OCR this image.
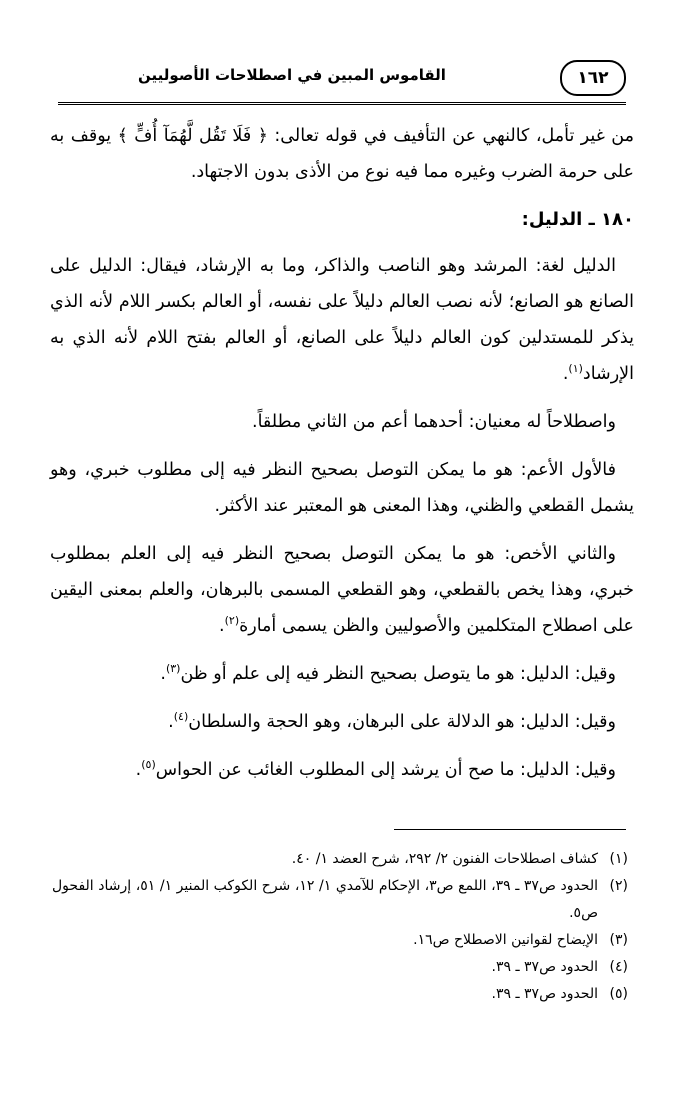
١٦٢
القاموس المبين في اصطلاحات الأصوليين

من غير تأمل، كالنهي عن التأفيف في قوله تعالى: ﴿ فَلَا تَقُل لَّهُمَآ أُفٍّ ﴾ يوقف به على حرمة الضرب وغيره مما فيه نوع من الأذى بدون الاجتهاد.

١٨٠ ـ الدليل:

الدليل لغة: المرشد وهو الناصب والذاكر، وما به الإرشاد، فيقال: الدليل على الصانع هو الصانع؛ لأنه نصب العالم دليلاً على نفسه، أو العالم بكسر اللام لأنه الذي يذكر للمستدلين كون العالم دليلاً على الصانع، أو العالم بفتح اللام لأنه الذي به الإرشاد$^{(١)}$.

واصطلاحاً له معنيان: أحدهما أعم من الثاني مطلقاً.

فالأول الأعم: هو ما يمكن التوصل بصحيح النظر فيه إلى مطلوب خبري، وهو يشمل القطعي والظني، وهذا المعنى هو المعتبر عند الأكثر.

والثاني الأخص: هو ما يمكن التوصل بصحيح النظر فيه إلى العلم بمطلوب خبري، وهذا يخص بالقطعي، وهو القطعي المسمى بالبرهان، والعلم بمعنى اليقين على اصطلاح المتكلمين والأصوليين والظن يسمى أمارة$^{(٢)}$.

وقيل: الدليل: هو ما يتوصل بصحيح النظر فيه إلى علم أو ظن$^{(٣)}$.

وقيل: الدليل: هو الدلالة على البرهان، وهو الحجة والسلطان$^{(٤)}$.

وقيل: الدليل: ما صح أن يرشد إلى المطلوب الغائب عن الحواس$^{(٥)}$.

(١)
كشاف اصطلاحات الفنون ٢/ ٢٩٢، شرح العضد ١/ ٤٠.

(٢)
الحدود ص٣٧ ـ ٣٩، اللمع ص٣، الإحكام للآمدي ١/ ١٢، شرح الكوكب المنير ١/ ٥١، إرشاد الفحول ص٥.

(٣)
الإيضاح لقوانين الاصطلاح ص١٦.

(٤)
الحدود ص٣٧ ـ ٣٩.

(٥)
الحدود ص٣٧ ـ ٣٩.
